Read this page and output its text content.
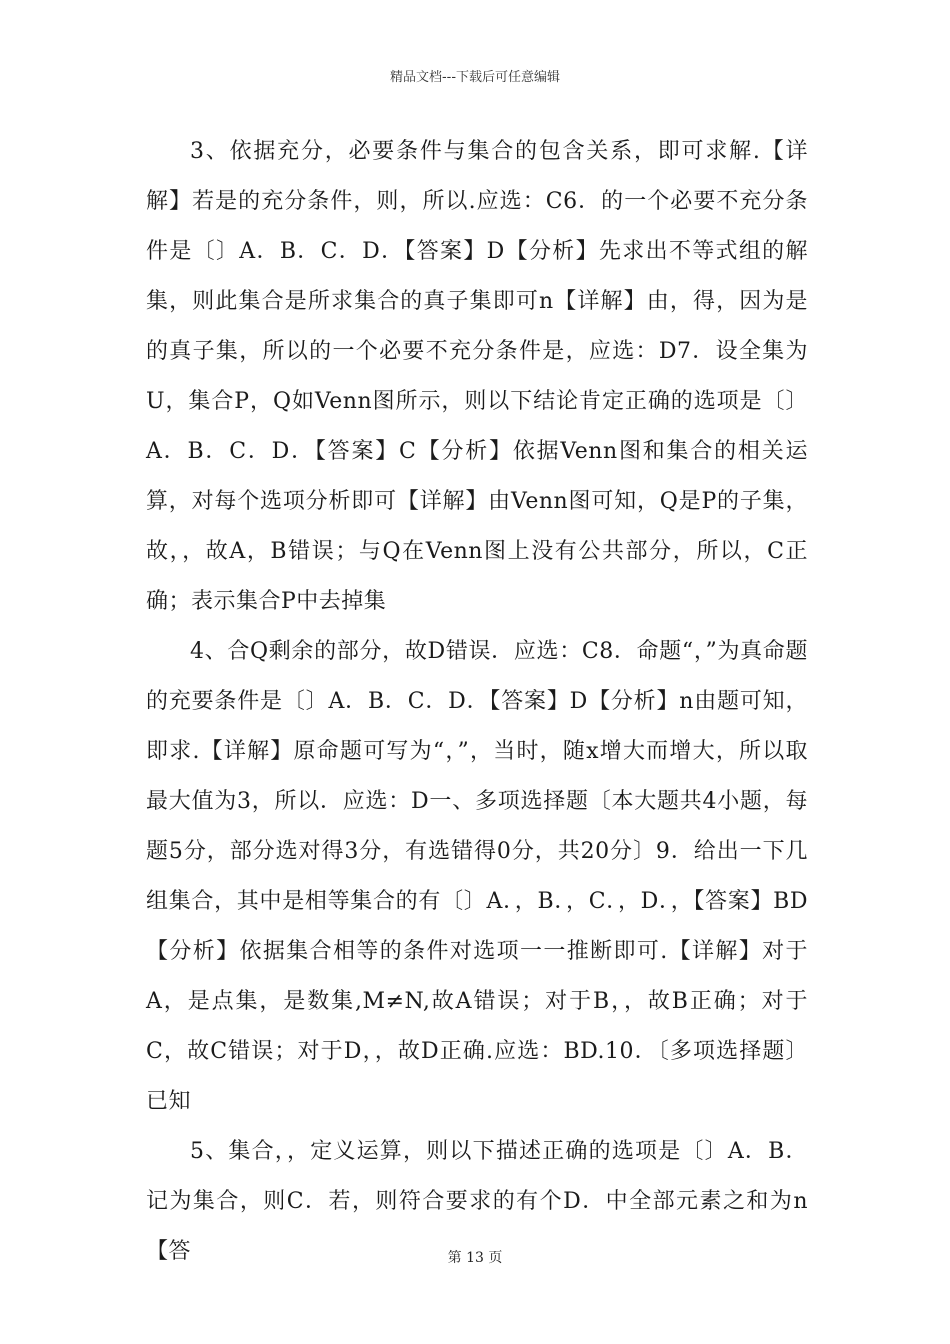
精品文档---下载后可任意编辑

3、依据充分，必要条件与集合的包含关系，即可求解.【详解】若是的充分条件，则，所以.应选：C6．的一个必要不充分条件是〔〕A．B．C．D．【答案】D【分析】先求出不等式组的解集，则此集合是所求集合的真子集即可n【详解】由，得，因为是的真子集，所以的一个必要不充分条件是，应选：D7．设全集为U，集合P，Q如Venn图所示，则以下结论肯定正确的选项是〔〕A．B．C．D．【答案】C【分析】依据Venn图和集合的相关运算，对每个选项分析即可【详解】由Venn图可知，Q是P的子集，故，，故A，B错误；与Q在Venn图上没有公共部分，所以，C正确；表示集合P中去掉集

4、合Q剩余的部分，故D错误．应选：C8．命题“，”为真命题的充要条件是〔〕A．B．C．D．【答案】D【分析】n由题可知，即求.【详解】原命题可写为“，”，当时，随x增大而增大，所以取最大值为3，所以．应选：D一、多项选择题〔本大题共4小题，每题5分，部分选对得3分，有选错得0分，共20分〕9．给出一下几组集合，其中是相等集合的有〔〕A．，B．，C．，D．，【答案】BD【分析】依据集合相等的条件对选项一一推断即可.【详解】对于A，是点集，是数集,M≠N,故A错误；对于B，，故B正确；对于C，故C错误；对于D，，故D正确.应选：BD.10．〔多项选择题〕已知

5、集合，，定义运算，则以下描述正确的选项是〔〕A．B．记为集合，则C．若，则符合要求的有个D．中全部元素之和为n【答	第 13 页
